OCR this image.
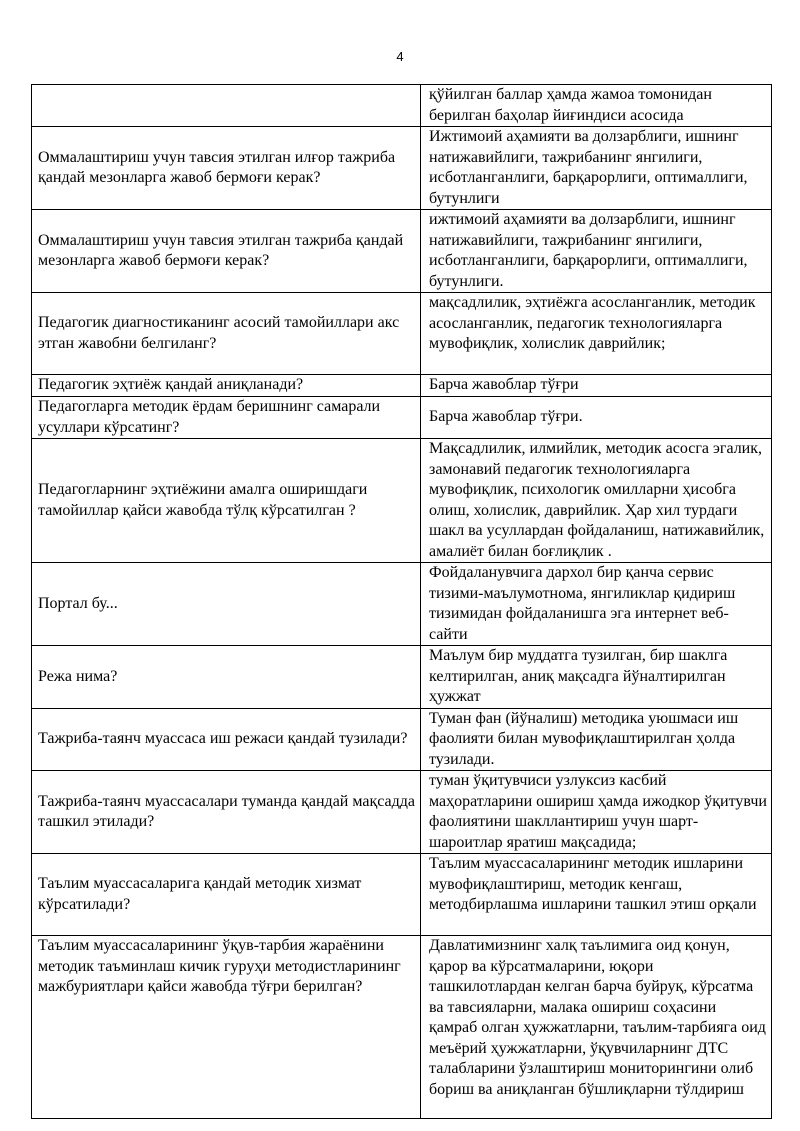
4
	қўйилган баллар ҳамда жамоа томонидан берилган баҳолар йиғиндиси асосида
Оммалаштириш учун тавсия этилган илғор тажриба қандай мезонларга жавоб бермоғи керак?	Ижтимоий аҳамияти ва долзарблиги, ишнинг натижавийлиги, тажрибанинг янгилиги, исботланганлиги, барқарорлиги, оптималлиги, бутунлиги
Оммалаштириш учун тавсия этилган тажриба қандай мезонларга жавоб бермоғи керак?	ижтимоий аҳамияти ва долзарблиги, ишнинг натижавийлиги, тажрибанинг янгилиги, исботланганлиги, барқарорлиги, оптималлиги, бутунлиги.
Педагогик диагностиканинг асосий тамойиллари акс этган жавобни белгиланг?	мақсадлилик, эҳтиёжга асосланганлик, методик асосланганлик, педагогик технологияларга мувофиқлик, холислик даврийлик;
Педагогик эҳтиёж қандай аниқланади?	Барча жавоблар тўғри
Педагогларга методик ёрдам беришнинг самарали усуллари кўрсатинг?	Барча жавоблар тўғри.
Педагогларнинг эҳтиёжини амалга оширишдаги тамойиллар қайси жавобда тўлқ кўрсатилган ?	Мақсадлилик, илмийлик, методик асосга эгалик, замонавий педагогик технологияларга мувофиқлик, психологик омилларни ҳисобга олиш, холислик, даврийлик. Ҳар хил турдаги шакл ва усуллардан фойдаланиш, натижавийлик, амалиёт билан боғлиқлик .
Портал бу...	Фойдаланувчига дархол бир қанча сервис тизими-маълумотнома, янгиликлар қидириш тизимидан фойдаланишга эга интернет веб-сайти
Режа нима?	Маълум бир муддатга тузилган, бир шаклга келтирилган, аниқ мақсадга йўналтирилган ҳужжат
Тажриба-таянч муассаса иш режаси қандай тузилади?	Туман фан (йўналиш) методика уюшмаси иш фаолияти билан мувофиқлаштирилган ҳолда тузилади.
Тажриба-таянч муассасалари туманда қандай мақсадда ташкил этилади?	туман ўқитувчиси узлуксиз касбий маҳоратларини ошириш ҳамда ижодкор ўқитувчи фаолиятини шакллантириш учун шарт-шароитлар яратиш мақсадида;
Таълим муассасаларига қандай методик хизмат кўрсатилади?	Таълим муассасаларининг методик ишларини мувофиқлаштириш, методик кенгаш, методбирлашма ишларини ташкил этиш орқали
Таълим муассасаларининг ўқув-тарбия жараёнини методик таъминлаш кичик гуруҳи методистларининг мажбуриятлари қайси жавобда тўғри берилган?	Давлатимизнинг халқ таълимига оид қонун, қарор ва кўрсатмаларини, юқори ташкилотлардан келган барча буйруқ, кўрсатма ва тавсияларни, малака ошириш соҳасини қамраб олган ҳужжатларни, таълим-тарбияга оид меъёрий ҳужжатларни, ўқувчиларнинг ДТС талабларини ўзлаштириш мониторингини олиб бориш ва аниқланган бўшлиқларни тўлдириш
